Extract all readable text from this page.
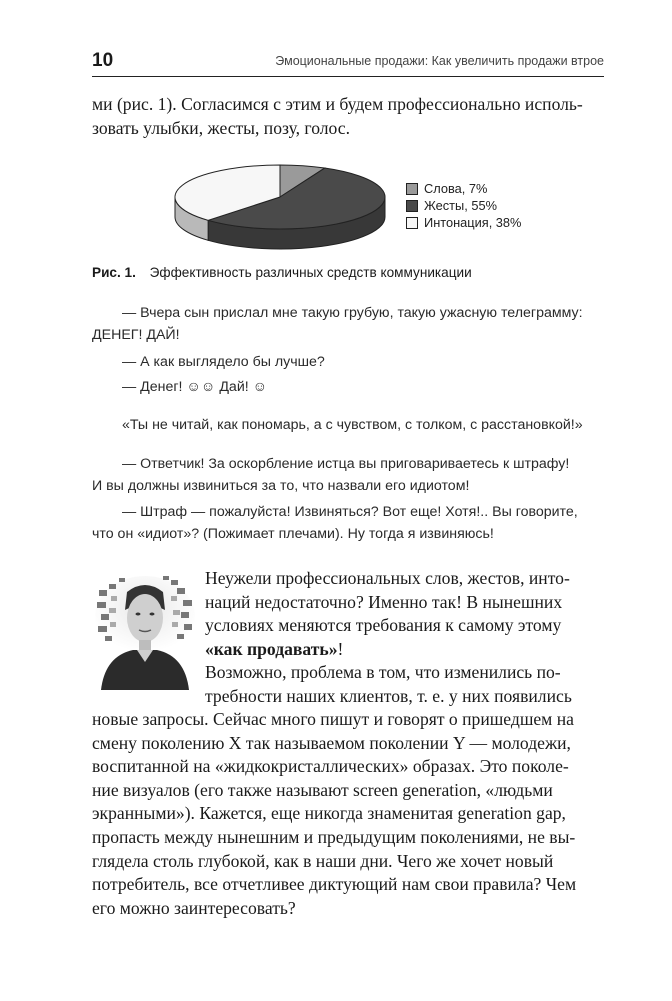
10	Эмоциональные продажи: Как увеличить продажи втрое
ми (рис. 1). Согласимся с этим и будем профессионально исполь-
зовать улыбки, жесты, позу, голос.
Слова, 7%
Жесты, 55%
Интонация, 38%
Рис. 1. Эффективность различных средств коммуникации
— Вчера сын прислал мне такую грубую, такую ужасную телеграмму:
ДЕНЕГ! ДАЙ!
— А как выглядело бы лучше?
— Денег! ☺☺ Дай! ☺
«Ты не читай, как пономарь, а с чувством, с толком, с расстановкой!»
— Ответчик! За оскорбление истца вы приговариваетесь к штрафу!
И вы должны извиниться за то, что назвали его идиотом!
— Штраф — пожалуйста! Извиняться? Вот еще! Хотя!.. Вы говорите,
что он «идиот»? (Пожимает плечами). Ну тогда я извиняюсь!
Неужели профессиональных слов, жестов, инто-
наций недостаточно? Именно так! В нынешних
условиях меняются требования к самому этому
«как продавать»!
Возможно, проблема в том, что изменились по-
требности наших клиентов, т. е. у них появились
новые запросы. Сейчас много пишут и говорят о пришедшем на
смену поколению X так называемом поколении Y — молодежи,
воспитанной на «жидкокристаллических» образах. Это поколе-
ние визуалов (его также называют screen generation, «людьми
экранными»). Кажется, еще никогда знаменитая generation gap,
пропасть между нынешним и предыдущим поколениями, не вы-
глядела столь глубокой, как в наши дни. Чего же хочет новый
потребитель, все отчетливее диктующий нам свои правила? Чем
его можно заинтересовать?
